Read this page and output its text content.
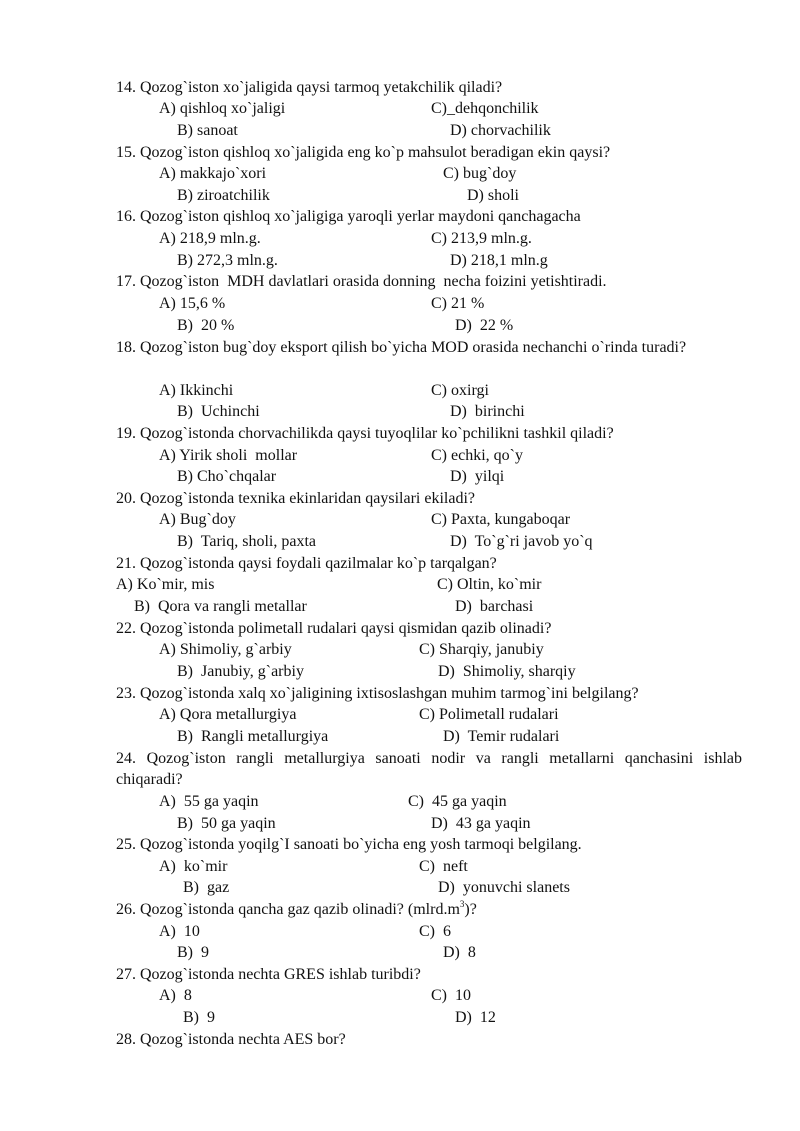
14. Qozog`iston xo`jaligida qaysi tarmoq yetakchilik qiladi?
A) qishloq xo`jaligi	C)_dehqonchilik
B) sanoat	D) chorvachilik
15. Qozog`iston qishloq xo`jaligida eng ko`p mahsulot beradigan ekin qaysi?
A) makkajo`xori	C) bug`doy
B) ziroatchilik	D) sholi
16. Qozog`iston qishloq xo`jaligiga yaroqli yerlar maydoni qanchagacha
A) 218,9 mln.g.	C) 213,9 mln.g.
B) 272,3 mln.g.	D) 218,1 mln.g
17. Qozog`iston  MDH davlatlari orasida donning  necha foizini yetishtiradi.
A) 15,6 %	C) 21 %
B)  20 %	D)  22 %
18. Qozog`iston bug`doy eksport qilish bo`yicha MOD orasida nechanchi o`rinda turadi?
A) Ikkinchi	C) oxirgi
B)  Uchinchi	D)  birinchi
19. Qozog`istonda chorvachilikda qaysi tuyoqlilar ko`pchilikni tashkil qiladi?
A) Yirik sholi  mollar	C) echki, qo`y
B) Cho`chqalar	D)  yilqi
20. Qozog`istonda texnika ekinlaridan qaysilari ekiladi?
A) Bug`doy	C) Paxta, kungaboqar
B)  Tariq, sholi, paxta	D)  To`g`ri javob yo`q
21. Qozog`istonda qaysi foydali qazilmalar ko`p tarqalgan?
A) Ko`mir, mis	C) Oltin, ko`mir
B)  Qora va rangli metallar	D)  barchasi
22. Qozog`istonda polimetall rudalari qaysi qismidan qazib olinadi?
A) Shimoliy, g`arbiy	C) Sharqiy, janubiy
B)  Janubiy, g`arbiy	D)  Shimoliy, sharqiy
23. Qozog`istonda xalq xo`jaligining ixtisoslashgan muhim tarmog`ini belgilang?
A) Qora metallurgiya	C) Polimetall rudalari
B)  Rangli metallurgiya	D)  Temir rudalari
24. Qozog`iston rangli metallurgiya sanoati nodir va rangli metallarni qanchasini ishlab chiqaradi?
A)  55 ga yaqin	C)  45 ga yaqin
B)  50 ga yaqin	D)  43 ga yaqin
25. Qozog`istonda yoqilg`I sanoati bo`yicha eng yosh tarmoqi belgilang.
A)  ko`mir	C)  neft
B)  gaz	D)  yonuvchi slanets
26. Qozog`istonda qancha gaz qazib olinadi? $(mlrd.m^3)$?
A)  10	C)  6
B)  9	D)  8
27. Qozog`istonda nechta GRES ishlab turibdi?
A)  8	C)  10
B)  9	D)  12
28. Qozog`istonda nechta AES bor?
